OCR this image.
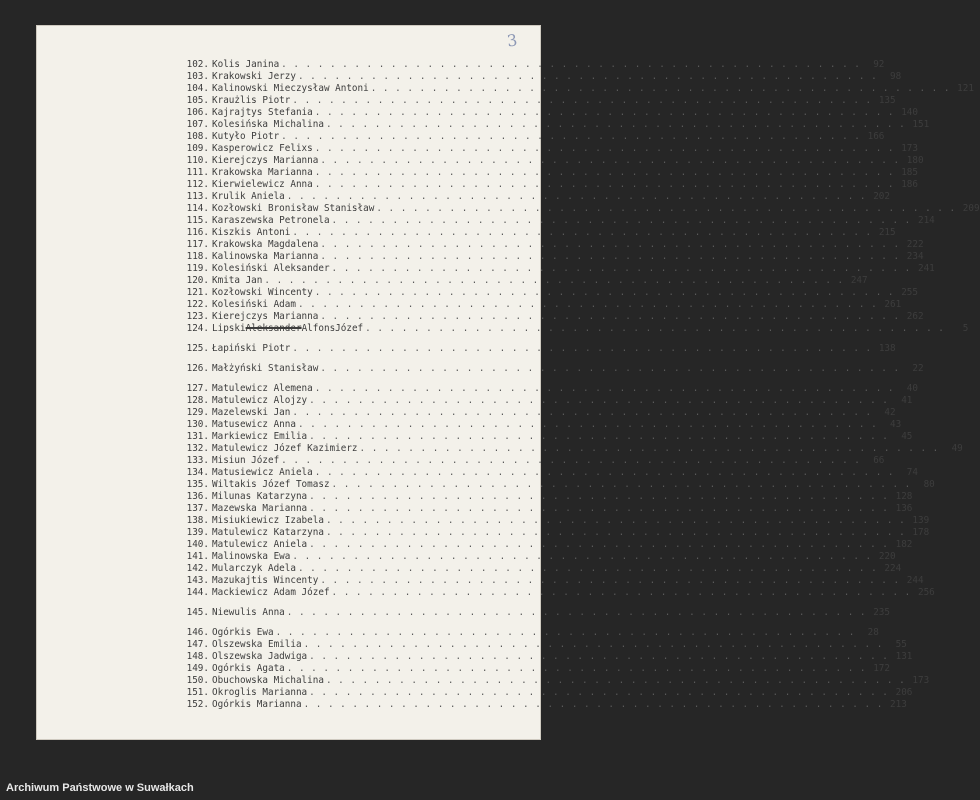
3
102. Kolis Janina . . . . . . . . . . . . . . . . . . . . . . . . . . . . . . . . . . . . . . . . . . . . . . . .	92
103. Krakowski Jerzy . . . . . . . . . . . . . . . . . . . . . . . . . . . . . . . . . . . . . . . . . . . . . . . .	98
104. Kalinowski Mieczysław Antoni . . . . . . . . . . . . . . . . . . . . . . . . . . . . . . . . . . . . . . . . . . . . . . . . 121
105. Kraużlis Piotr . . . . . . . . . . . . . . . . . . . . . . . . . . . . . . . . . . . . . . . . . . . . . . . . 135
106. Kajrajtys Stefania . . . . . . . . . . . . . . . . . . . . . . . . . . . . . . . . . . . . . . . . . . . . . . . . 140
107. Kolesińska Michalina . . . . . . . . . . . . . . . . . . . . . . . . . . . . . . . . . . . . . . . . . . . . . . . . 151
108. Kutyło Piotr . . . . . . . . . . . . . . . . . . . . . . . . . . . . . . . . . . . . . . . . . . . . . . . . 166
109. Kasperowicz Felixs . . . . . . . . . . . . . . . . . . . . . . . . . . . . . . . . . . . . . . . . . . . . . . . . 173
110. Kierejczys Marianna . . . . . . . . . . . . . . . . . . . . . . . . . . . . . . . . . . . . . . . . . . . . . . . . 180
111. Krakowska Marianna . . . . . . . . . . . . . . . . . . . . . . . . . . . . . . . . . . . . . . . . . . . . . . . . 185
112. Kierwielewicz Anna . . . . . . . . . . . . . . . . . . . . . . . . . . . . . . . . . . . . . . . . . . . . . . . . 186
113. Krulik Aniela . . . . . . . . . . . . . . . . . . . . . . . . . . . . . . . . . . . . . . . . . . . . . . . . 202
114. Kozłowski Bronisław Stanisław . . . . . . . . . . . . . . . . . . . . . . . . . . . . . . . . . . . . . . . . . . . . . . . . 209
115. Karaszewska Petronela . . . . . . . . . . . . . . . . . . . . . . . . . . . . . . . . . . . . . . . . . . . . . . . . 214
116. Kiszkis Antoni . . . . . . . . . . . . . . . . . . . . . . . . . . . . . . . . . . . . . . . . . . . . . . . . 215
117. Krakowska Magdalena . . . . . . . . . . . . . . . . . . . . . . . . . . . . . . . . . . . . . . . . . . . . . . . . 222
118. Kalinowska Marianna . . . . . . . . . . . . . . . . . . . . . . . . . . . . . . . . . . . . . . . . . . . . . . . . 234
119. Kolesiński Aleksander . . . . . . . . . . . . . . . . . . . . . . . . . . . . . . . . . . . . . . . . . . . . . . . . 241
120. Kmita Jan . . . . . . . . . . . . . . . . . . . . . . . . . . . . . . . . . . . . . . . . . . . . . . . . 247
121. Kozłowski Wincenty . . . . . . . . . . . . . . . . . . . . . . . . . . . . . . . . . . . . . . . . . . . . . . . . 255
122. Kolesiński Adam . . . . . . . . . . . . . . . . . . . . . . . . . . . . . . . . . . . . . . . . . . . . . . . . 261
123. Kierejczys Marianna . . . . . . . . . . . . . . . . . . . . . . . . . . . . . . . . . . . . . . . . . . . . . . . . 262
124. Lipski Aleksander AlfonsJózef . . . . . . . . . . . . . . . . . . . . . . . . . . . . . . . . . . . . . . . . . . . . . . . .	5
125. Łapiński Piotr . . . . . . . . . . . . . . . . . . . . . . . . . . . . . . . . . . . . . . . . . . . . . . . . 138
126. Małżyński Stanisław . . . . . . . . . . . . . . . . . . . . . . . . . . . . . . . . . . . . . . . . . . . . . . . .	22
127. Matulewicz Alemena . . . . . . . . . . . . . . . . . . . . . . . . . . . . . . . . . . . . . . . . . . . . . . . .	40
128. Matulewicz Alojzy . . . . . . . . . . . . . . . . . . . . . . . . . . . . . . . . . . . . . . . . . . . . . . . .	41
129. Mazelewski Jan . . . . . . . . . . . . . . . . . . . . . . . . . . . . . . . . . . . . . . . . . . . . . . . .	42
130. Matusewicz Anna . . . . . . . . . . . . . . . . . . . . . . . . . . . . . . . . . . . . . . . . . . . . . . . .	43
131. Markiewicz Emilia . . . . . . . . . . . . . . . . . . . . . . . . . . . . . . . . . . . . . . . . . . . . . . . .	45
132. Matulewicz Józef Kazimierz . . . . . . . . . . . . . . . . . . . . . . . . . . . . . . . . . . . . . . . . . . . . . . . .	49
133. Misiun Józef . . . . . . . . . . . . . . . . . . . . . . . . . . . . . . . . . . . . . . . . . . . . . . . .	66
134. Matusiewicz Aniela . . . . . . . . . . . . . . . . . . . . . . . . . . . . . . . . . . . . . . . . . . . . . . . .	74
135. Wiltakis Józef Tomasz . . . . . . . . . . . . . . . . . . . . . . . . . . . . . . . . . . . . . . . . . . . . . . . .	80
136. Milunas Katarzyna . . . . . . . . . . . . . . . . . . . . . . . . . . . . . . . . . . . . . . . . . . . . . . . . 128
137. Mazewska Marianna . . . . . . . . . . . . . . . . . . . . . . . . . . . . . . . . . . . . . . . . . . . . . . . . 136
138. Misiukiewicz Izabela . . . . . . . . . . . . . . . . . . . . . . . . . . . . . . . . . . . . . . . . . . . . . . . . 139
139. Matulewicz Katarzyna . . . . . . . . . . . . . . . . . . . . . . . . . . . . . . . . . . . . . . . . . . . . . . . . 178
140. Matulewicz Aniela . . . . . . . . . . . . . . . . . . . . . . . . . . . . . . . . . . . . . . . . . . . . . . . . 182
141. Malinowska Ewa . . . . . . . . . . . . . . . . . . . . . . . . . . . . . . . . . . . . . . . . . . . . . . . . 220
142. Mularczyk Adela . . . . . . . . . . . . . . . . . . . . . . . . . . . . . . . . . . . . . . . . . . . . . . . . 224
143. Mazukajtis Wincenty . . . . . . . . . . . . . . . . . . . . . . . . . . . . . . . . . . . . . . . . . . . . . . . . 244
144. Mackiewicz Adam Józef . . . . . . . . . . . . . . . . . . . . . . . . . . . . . . . . . . . . . . . . . . . . . . . . 256
145. Niewulis Anna . . . . . . . . . . . . . . . . . . . . . . . . . . . . . . . . . . . . . . . . . . . . . . . . 235
146. Ogórkis Ewa . . . . . . . . . . . . . . . . . . . . . . . . . . . . . . . . . . . . . . . . . . . . . . . .	28
147. Olszewska Emilia . . . . . . . . . . . . . . . . . . . . . . . . . . . . . . . . . . . . . . . . . . . . . . . .	55
148. Olszewska Jadwiga . . . . . . . . . . . . . . . . . . . . . . . . . . . . . . . . . . . . . . . . . . . . . . . . 131
149. Ogórkis Agata . . . . . . . . . . . . . . . . . . . . . . . . . . . . . . . . . . . . . . . . . . . . . . . . 172
150. Obuchowska Michalina . . . . . . . . . . . . . . . . . . . . . . . . . . . . . . . . . . . . . . . . . . . . . . . . 173
151. Okroglis Marianna . . . . . . . . . . . . . . . . . . . . . . . . . . . . . . . . . . . . . . . . . . . . . . . . 206
152. Ogórkis Marianna . . . . . . . . . . . . . . . . . . . . . . . . . . . . . . . . . . . . . . . . . . . . . . . . 213
Archiwum Państwowe w Suwałkach
